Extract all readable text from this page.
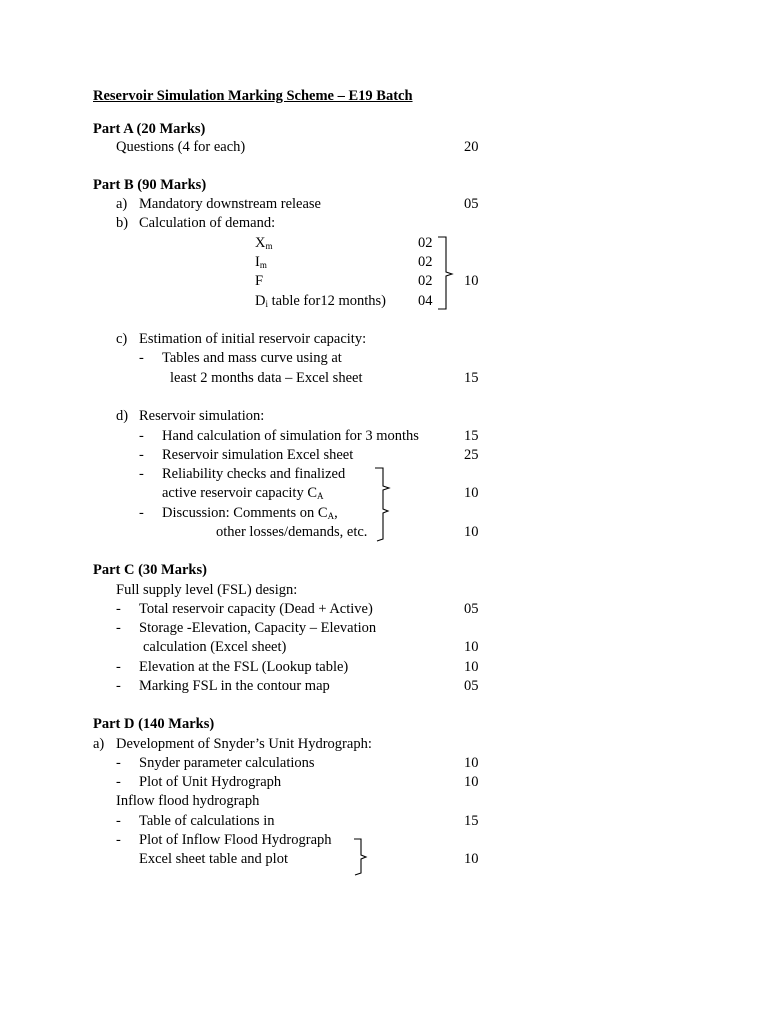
Reservoir Simulation Marking Scheme – E19 Batch
Part A (20 Marks)
Questions (4 for each)	20
Part B (90 Marks)
a) Mandatory downstream release	05
b) Calculation of demand:
$X_m$	02
$I_m$	02
F	02
$D_i$ table for12 months) 04
10
c) Estimation of initial reservoir capacity:
- Tables and mass curve using at
least 2 months data – Excel sheet	15
d) Reservoir simulation:
- Hand calculation of simulation for 3 months	15
- Reservoir simulation Excel sheet	25
- Reliability checks and finalized
active reservoir capacity $C_A$	10
- Discussion: Comments on $C_A$,
other losses/demands, etc.	10
Part C (30 Marks)
Full supply level (FSL) design:
- Total reservoir capacity (Dead + Active)	05
- Storage -Elevation, Capacity – Elevation
calculation (Excel sheet)	10
- Elevation at the FSL (Lookup table)	10
- Marking FSL in the contour map	05
Part D (140 Marks)
a) Development of Snyder’s Unit Hydrograph:
- Snyder parameter calculations	10
- Plot of Unit Hydrograph	10
Inflow flood hydrograph
- Table of calculations in	15
- Plot of Inflow Flood Hydrograph
Excel sheet table and plot	10
